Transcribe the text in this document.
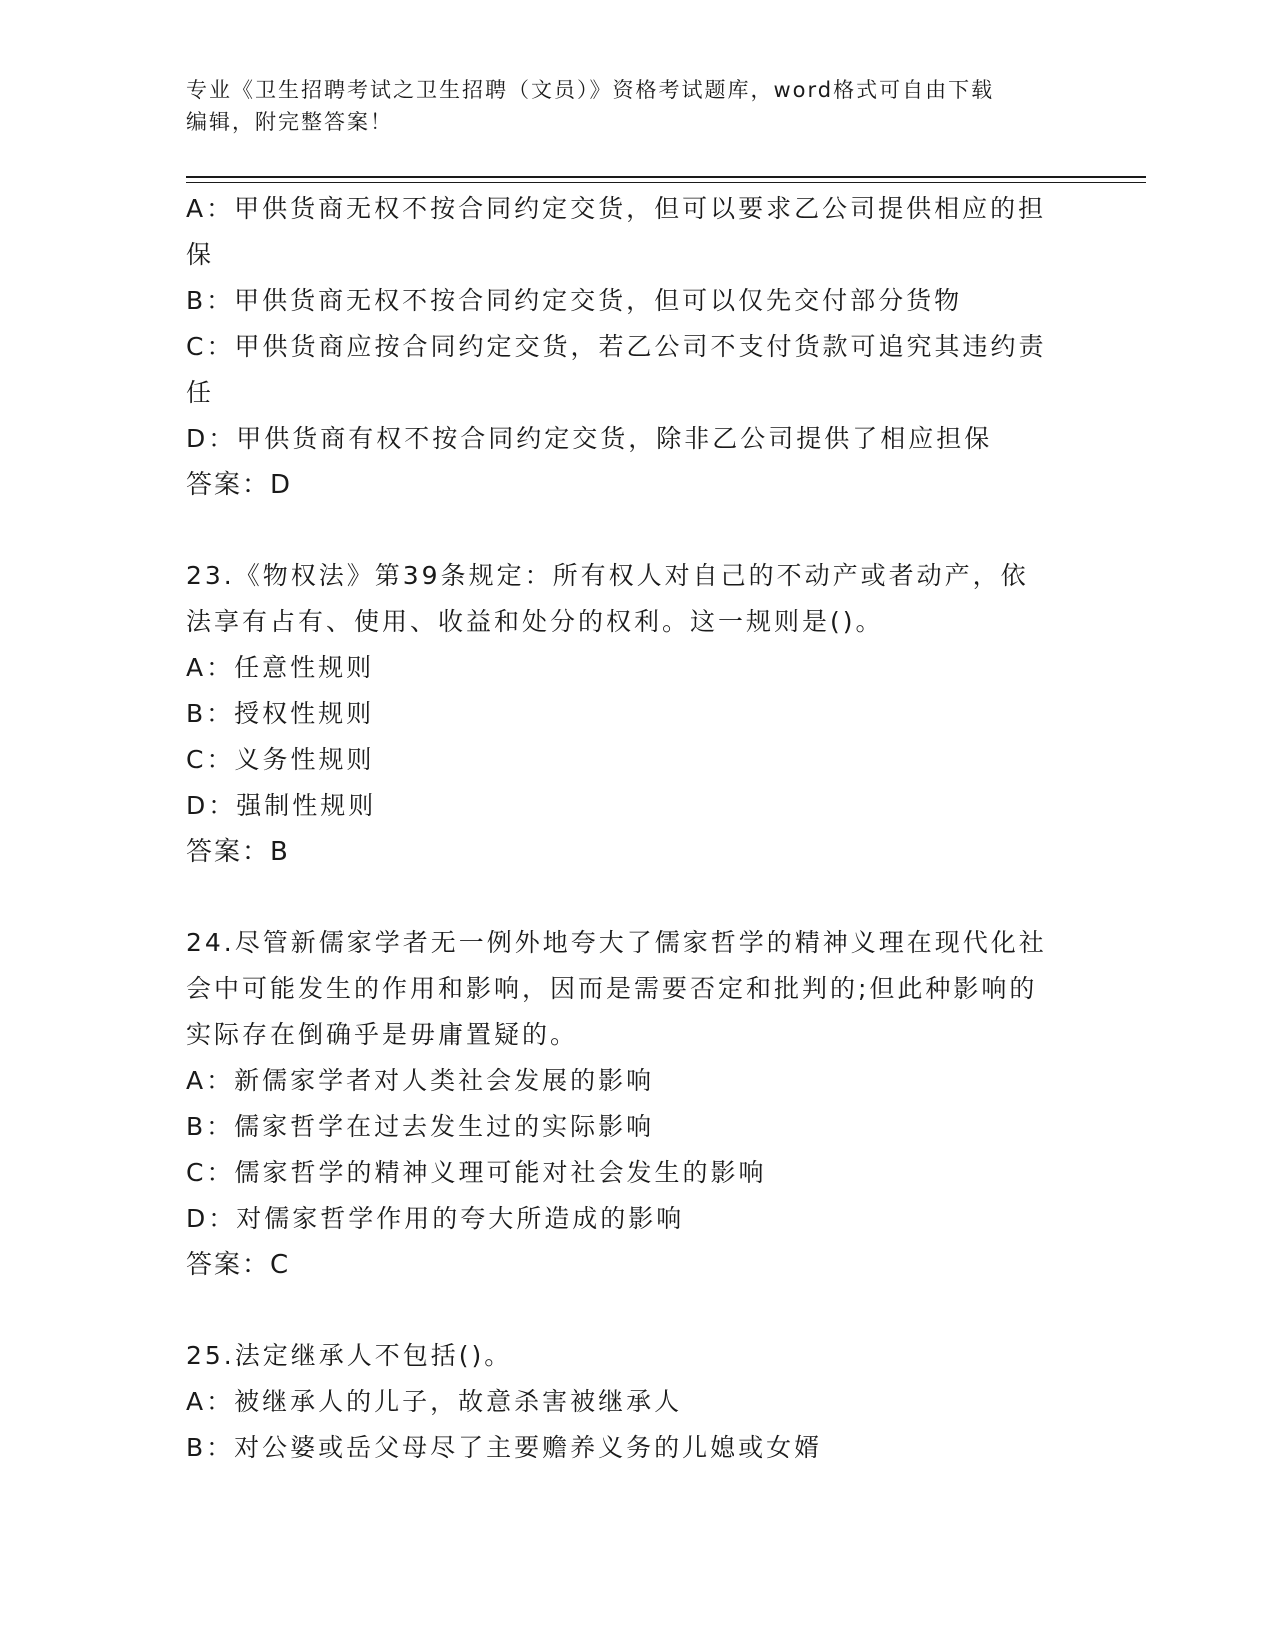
专业《卫生招聘考试之卫生招聘（文员）》资格考试题库，word格式可自由下载
编辑，附完整答案！
A：甲供货商无权不按合同约定交货，但可以要求乙公司提供相应的担
保
B：甲供货商无权不按合同约定交货，但可以仅先交付部分货物
C：甲供货商应按合同约定交货，若乙公司不支付货款可追究其违约责
任
D：甲供货商有权不按合同约定交货，除非乙公司提供了相应担保
答案：D
23.《物权法》第39条规定：所有权人对自己的不动产或者动产，依
法享有占有、使用、收益和处分的权利。这一规则是()。
A：任意性规则
B：授权性规则
C：义务性规则
D：强制性规则
答案：B
24.尽管新儒家学者无一例外地夸大了儒家哲学的精神义理在现代化社
会中可能发生的作用和影响，因而是需要否定和批判的;但此种影响的
实际存在倒确乎是毋庸置疑的。
A：新儒家学者对人类社会发展的影响
B：儒家哲学在过去发生过的实际影响
C：儒家哲学的精神义理可能对社会发生的影响
D：对儒家哲学作用的夸大所造成的影响
答案：C
25.法定继承人不包括()。
A：被继承人的儿子，故意杀害被继承人
B：对公婆或岳父母尽了主要赡养义务的儿媳或女婿
